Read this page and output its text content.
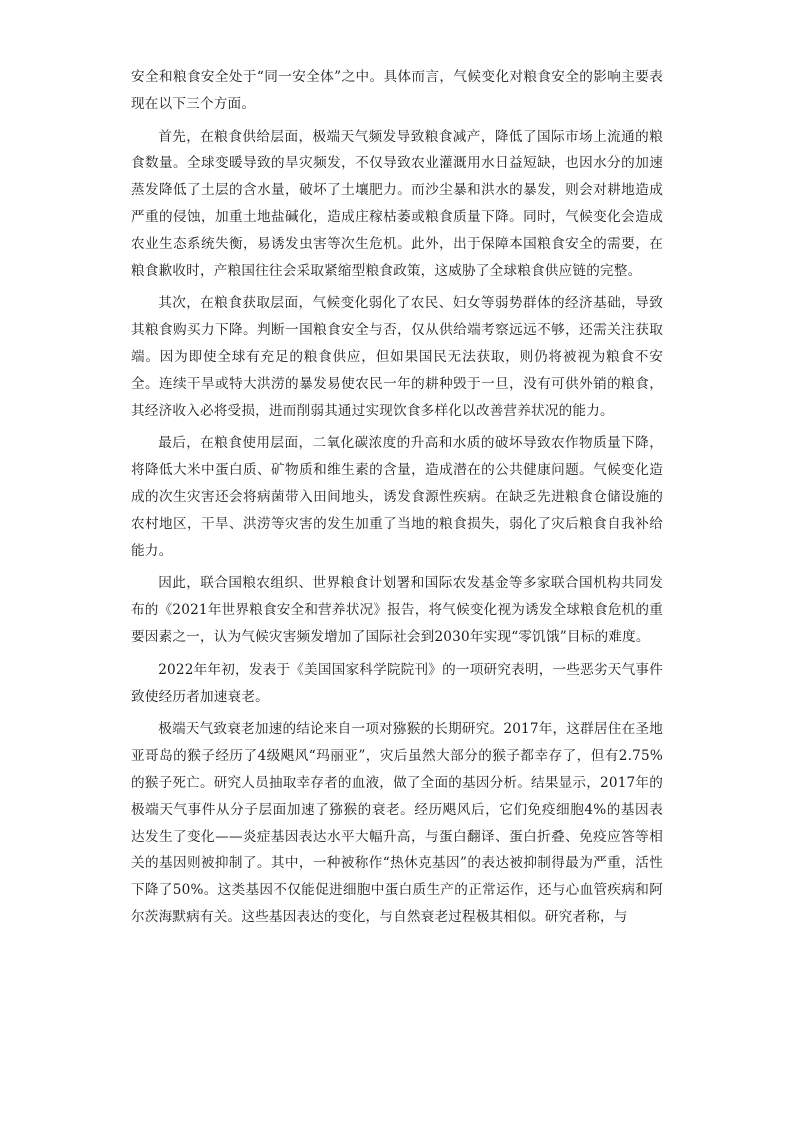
安全和粮食安全处于“同一安全体”之中。具体而言，气候变化对粮食安全的影响主要表现在以下三个方面。

首先，在粮食供给层面，极端天气频发导致粮食减产，降低了国际市场上流通的粮食数量。全球变暖导致的旱灾频发，不仅导致农业灌溉用水日益短缺，也因水分的加速蒸发降低了土层的含水量，破坏了土壤肥力。而沙尘暴和洪水的暴发，则会对耕地造成严重的侵蚀，加重土地盐碱化，造成庄稼枯萎或粮食质量下降。同时，气候变化会造成农业生态系统失衡，易诱发虫害等次生危机。此外，出于保障本国粮食安全的需要，在粮食歉收时，产粮国往往会采取紧缩型粮食政策，这威胁了全球粮食供应链的完整。

其次，在粮食获取层面，气候变化弱化了农民、妇女等弱势群体的经济基础，导致其粮食购买力下降。判断一国粮食安全与否，仅从供给端考察远远不够，还需关注获取端。因为即使全球有充足的粮食供应，但如果国民无法获取，则仍将被视为粮食不安全。连续干旱或特大洪涝的暴发易使农民一年的耕种毁于一旦，没有可供外销的粮食，其经济收入必将受损，进而削弱其通过实现饮食多样化以改善营养状况的能力。

最后，在粮食使用层面，二氧化碳浓度的升高和水质的破坏导致农作物质量下降，将降低大米中蛋白质、矿物质和维生素的含量，造成潜在的公共健康问题。气候变化造成的次生灾害还会将病菌带入田间地头，诱发食源性疾病。在缺乏先进粮食仓储设施的农村地区，干旱、洪涝等灾害的发生加重了当地的粮食损失，弱化了灾后粮食自我补给能力。

因此，联合国粮农组织、世界粮食计划署和国际农发基金等多家联合国机构共同发布的《2021年世界粮食安全和营养状况》报告，将气候变化视为诱发全球粮食危机的重要因素之一，认为气候灾害频发增加了国际社会到2030年实现“零饥饿”目标的难度。

2022年年初，发表于《美国国家科学院院刊》的一项研究表明，一些恶劣天气事件致使经历者加速衰老。

极端天气致衰老加速的结论来自一项对猕猴的长期研究。2017年，这群居住在圣地亚哥岛的猴子经历了4级飓风“玛丽亚”，灾后虽然大部分的猴子都幸存了，但有2.75%的猴子死亡。研究人员抽取幸存者的血液，做了全面的基因分析。结果显示，2017年的极端天气事件从分子层面加速了猕猴的衰老。经历飓风后，它们免疫细胞4%的基因表达发生了变化——炎症基因表达水平大幅升高，与蛋白翻译、蛋白折叠、免疫应答等相关的基因则被抑制了。其中，一种被称作“热休克基因”的表达被抑制得最为严重，活性下降了50%。这类基因不仅能促进细胞中蛋白质生产的正常运作，还与心血管疾病和阿尔茨海默病有关。这些基因表达的变化，与自然衰老过程极其相似。研究者称，与
